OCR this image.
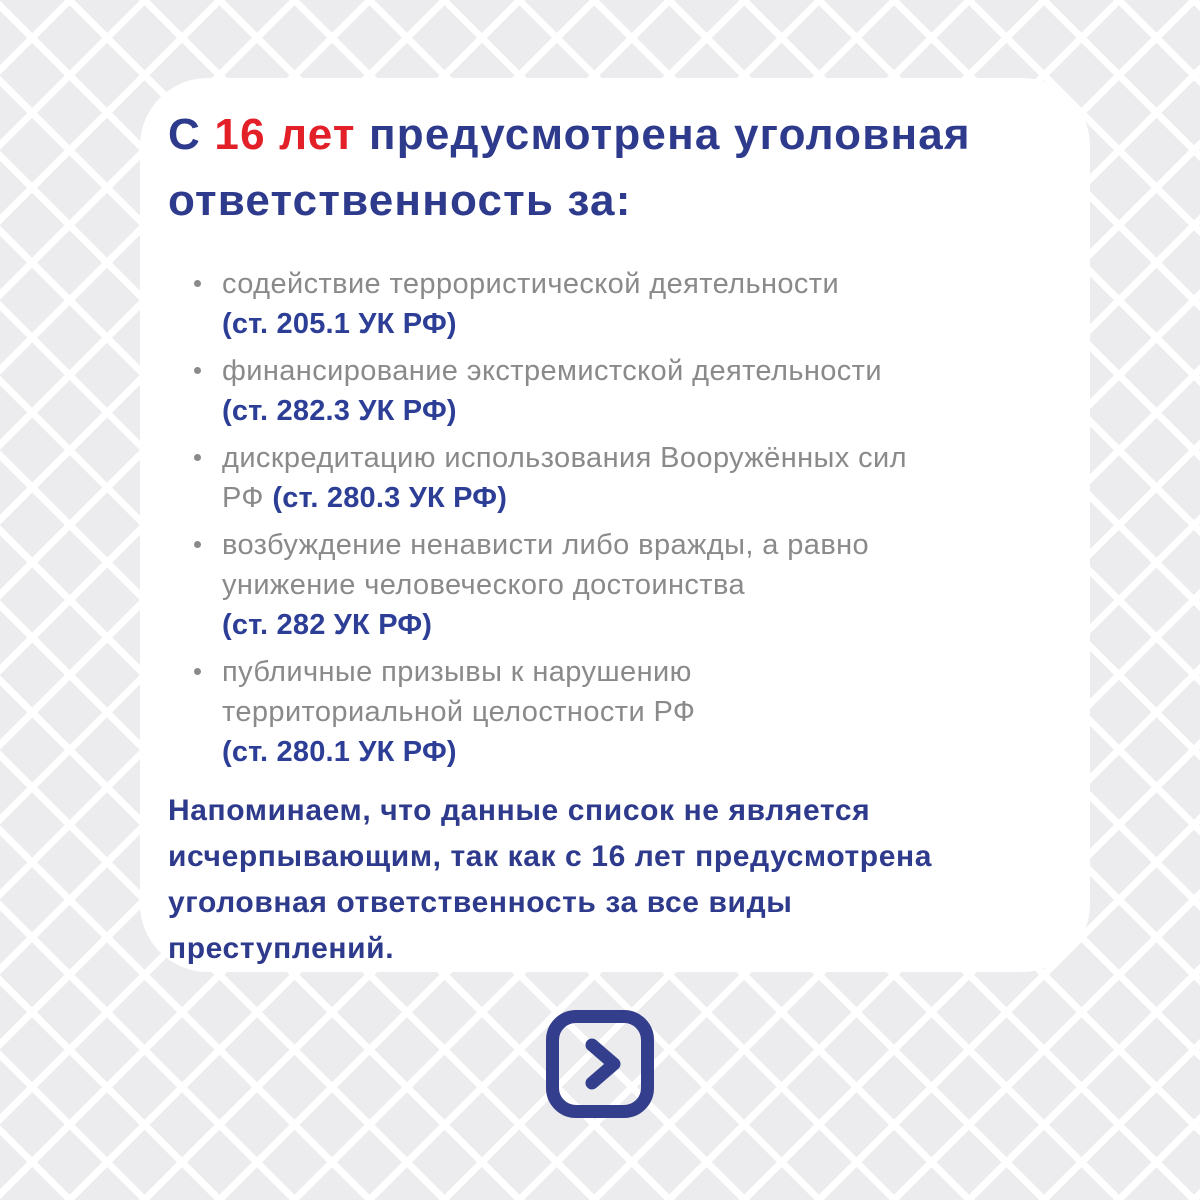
С 16 лет предусмотрена уголовная
ответственность за:
содействие террористической деятельности
(ст. 205.1 УК РФ)
финансирование экстремистской деятельности
(ст. 282.3 УК РФ)
дискредитацию использования Вооружённых сил
РФ (ст. 280.3 УК РФ)
возбуждение ненависти либо вражды, а равно
унижение человеческого достоинства
(ст. 282 УК РФ)
публичные призывы к нарушению
территориальной целостности РФ
(ст. 280.1 УК РФ)

Напоминаем, что данные список не является
исчерпывающим, так как с 16 лет предусмотрена
уголовная ответственность за все виды
преступлений.
